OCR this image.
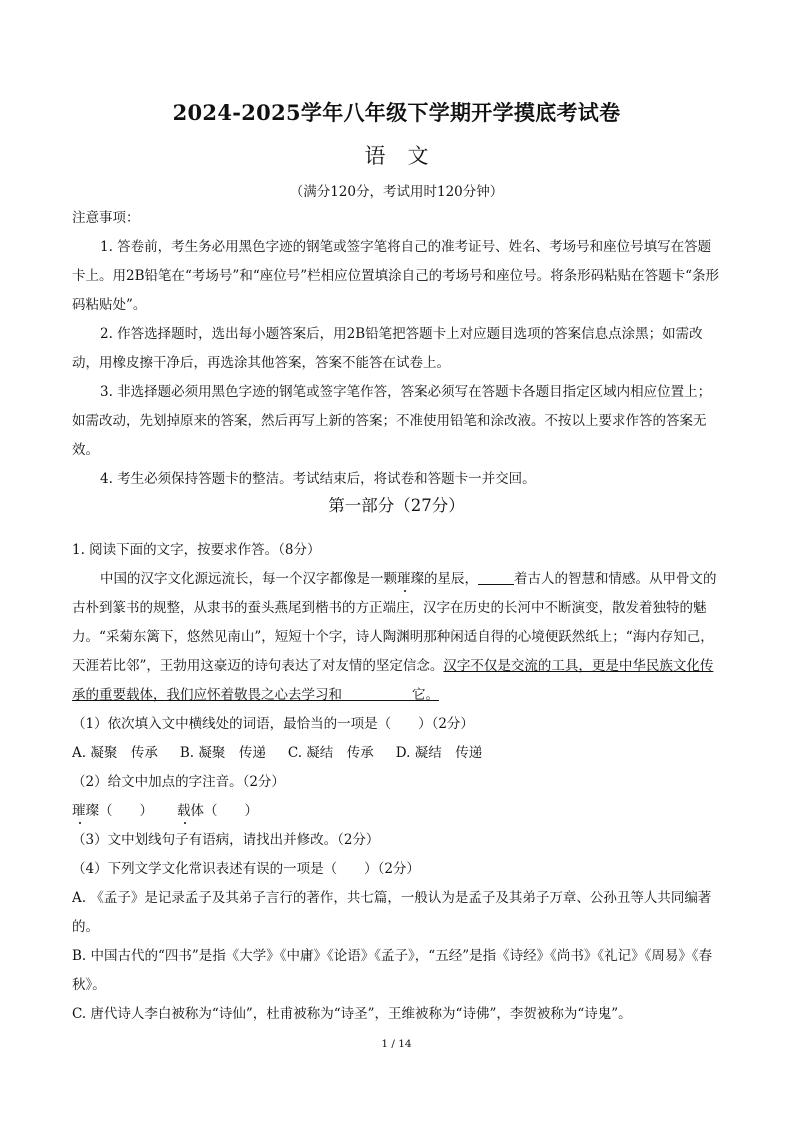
2024-2025学年八年级下学期开学摸底考试卷
语文
（满分120分，考试用时120分钟）

注意事项：

1. 答卷前，考生务必用黑色字迹的钢笔或签字笔将自己的准考证号、姓名、考场号和座位号填写在答题卡上。用2B铅笔在“考场号”和“座位号”栏相应位置填涂自己的考场号和座位号。将条形码粘贴在答题卡“条形码粘贴处”。

2. 作答选择题时，选出每小题答案后，用2B铅笔把答题卡上对应题目选项的答案信息点涂黑；如需改动，用橡皮擦干净后，再选涂其他答案，答案不能答在试卷上。

3. 非选择题必须用黑色字迹的钢笔或签字笔作答，答案必须写在答题卡各题目指定区域内相应位置上；如需改动，先划掉原来的答案，然后再写上新的答案；不准使用铅笔和涂改液。不按以上要求作答的答案无效。

4. 考生必须保持答题卡的整洁。考试结束后，将试卷和答题卡一并交回。

第一部分（27分）

1. 阅读下面的文字，按要求作答。（8分）

中国的汉字文化源远流长，每一个汉字都像是一颗璀璨的星辰，	着古人的智慧和情感。从甲骨文的古朴到篆书的规整，从隶书的蚕头燕尾到楷书的方正端庄，汉字在历史的长河中不断演变，散发着独特的魅力。“采菊东篱下，悠然见南山”，短短十个字，诗人陶渊明那种闲适自得的心境便跃然纸上；“海内存知己，天涯若比邻”，王勃用这豪迈的诗句表达了对友情的坚定信念。汉字不仅是交流的工具，更是中华民族文化传承的重要载体，我们应怀着敬畏之心去学习和	它。

（1）依次填入文中横线处的词语，最恰当的一项是（　　）（2分）

A. 凝聚　传承 B. 凝聚　传递 C. 凝结　传承 D. 凝结　传递

（2）给文中加点的字注音。（2分）

璀璨（　　） 载体（　　）

（3）文中划线句子有语病，请找出并修改。（2分）

（4）下列文学文化常识表述有误的一项是（　　）（2分）

A. 《孟子》是记录孟子及其弟子言行的著作，共七篇，一般认为是孟子及其弟子万章、公孙丑等人共同编著的。

B. 中国古代的“四书”是指《大学》《中庸》《论语》《孟子》，“五经”是指《诗经》《尚书》《礼记》《周易》《春秋》。

C. 唐代诗人李白被称为“诗仙”，杜甫被称为“诗圣”，王维被称为“诗佛”，李贺被称为“诗鬼”。

1 / 14
